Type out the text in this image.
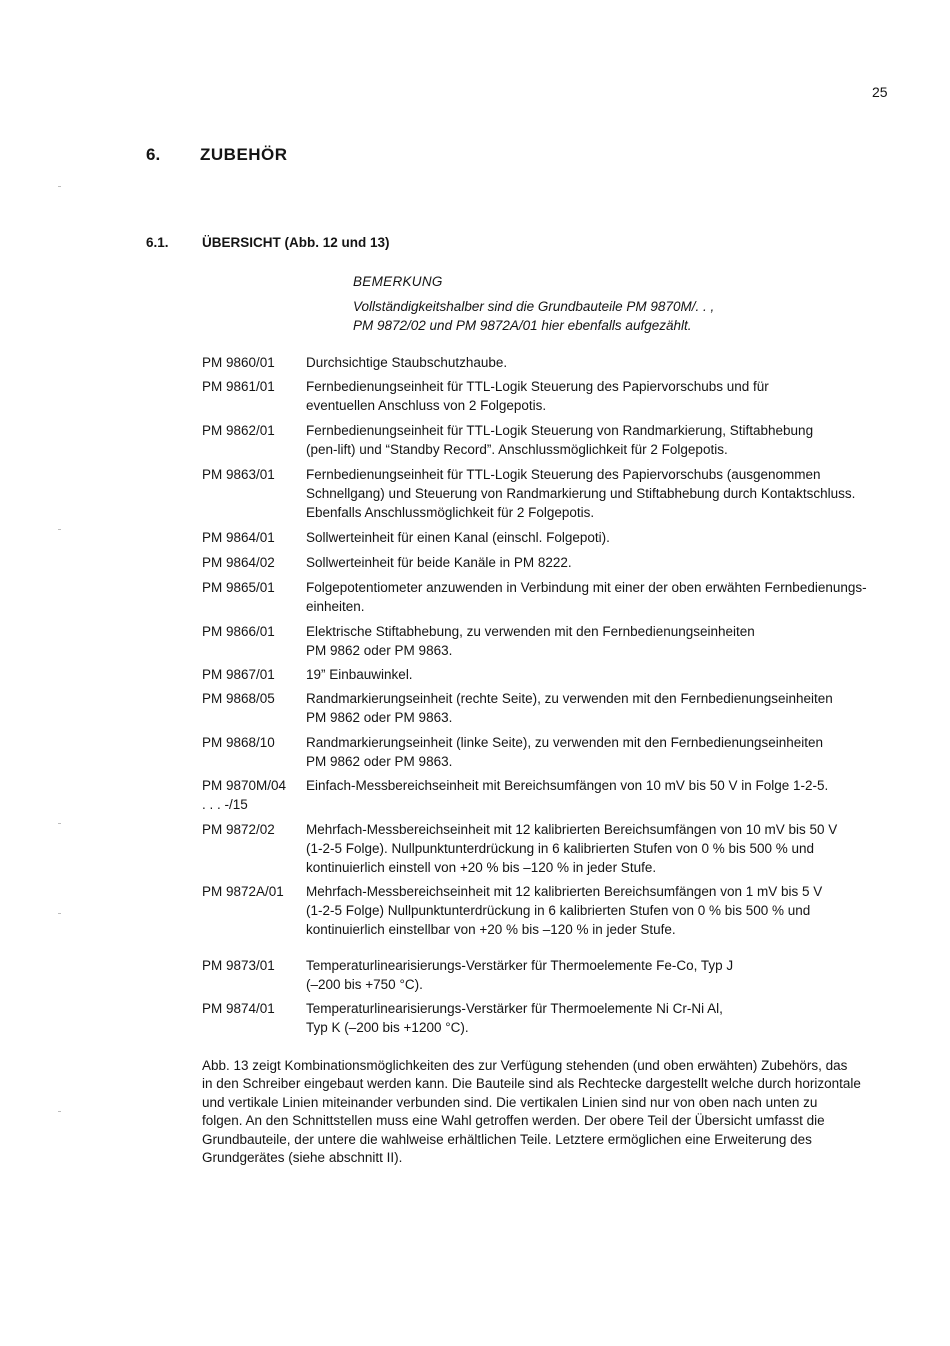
25
6. ZUBEHÖR
6.1. ÜBERSICHT (Abb. 12 und 13)
BEMERKUNG
Vollständigkeitshalber sind die Grundbauteile PM 9870M/. . ,
PM 9872/02 und PM 9872A/01 hier ebenfalls aufgezählt.
PM 9860/01 Durchsichtige Staubschutzhaube.
PM 9861/01 Fernbedienungseinheit für TTL-Logik Steuerung des Papiervorschubs und für
eventuellen Anschluss von 2 Folgepotis.
PM 9862/01 Fernbedienungseinheit für TTL-Logik Steuerung von Randmarkierung, Stiftabhebung
(pen-lift) und “Standby Record”. Anschlussmöglichkeit für 2 Folgepotis.
PM 9863/01 Fernbedienungseinheit für TTL-Logik Steuerung des Papiervorschubs (ausgenommen
Schnellgang) und Steuerung von Randmarkierung und Stiftabhebung durch Kontaktschluss.
Ebenfalls Anschlussmöglichkeit für 2 Folgepotis.
PM 9864/01 Sollwerteinheit für einen Kanal (einschl. Folgepoti).
PM 9864/02 Sollwerteinheit für beide Kanäle in PM 8222.
PM 9865/01 Folgepotentiometer anzuwenden in Verbindung mit einer der oben erwähten Fernbedienungs-
einheiten.
PM 9866/01 Elektrische Stiftabhebung, zu verwenden mit den Fernbedienungseinheiten
PM 9862 oder PM 9863.
PM 9867/01 19” Einbauwinkel.
PM 9868/05 Randmarkierungseinheit (rechte Seite), zu verwenden mit den Fernbedienungseinheiten
PM 9862 oder PM 9863.
PM 9868/10 Randmarkierungseinheit (linke Seite), zu verwenden mit den Fernbedienungseinheiten
PM 9862 oder PM 9863.
PM 9870M/04
. . . -/15
Einfach-Messbereichseinheit mit Bereichsumfängen von 10 mV bis 50 V in Folge 1-2-5.
PM 9872/02 Mehrfach-Messbereichseinheit mit 12 kalibrierten Bereichsumfängen von 10 mV bis 50 V
(1-2-5 Folge). Nullpunktunterdrückung in 6 kalibrierten Stufen von 0 % bis 500 % und
kontinuierlich einstell von +20 % bis –120 % in jeder Stufe.
PM 9872A/01 Mehrfach-Messbereichseinheit mit 12 kalibrierten Bereichsumfängen von 1 mV bis 5 V
(1-2-5 Folge) Nullpunktunterdrückung in 6 kalibrierten Stufen von 0 % bis 500 % und
kontinuierlich einstellbar von +20 % bis –120 % in jeder Stufe.
PM 9873/01 Temperaturlinearisierungs-Verstärker für Thermoelemente Fe-Co, Typ J
(–200 bis +750 °C).
PM 9874/01 Temperaturlinearisierungs-Verstärker für Thermoelemente Ni Cr-Ni Al,
Typ K (–200 bis +1200 °C).
Abb. 13 zeigt Kombinationsmöglichkeiten des zur Verfügung stehenden (und oben erwähten) Zubehörs, das
in den Schreiber eingebaut werden kann. Die Bauteile sind als Rechtecke dargestellt welche durch horizontale
und vertikale Linien miteinander verbunden sind. Die vertikalen Linien sind nur von oben nach unten zu
folgen. An den Schnittstellen muss eine Wahl getroffen werden. Der obere Teil der Übersicht umfasst die
Grundbauteile, der untere die wahlweise erhältlichen Teile. Letztere ermöglichen eine Erweiterung des
Grundgerätes (siehe abschnitt II).
